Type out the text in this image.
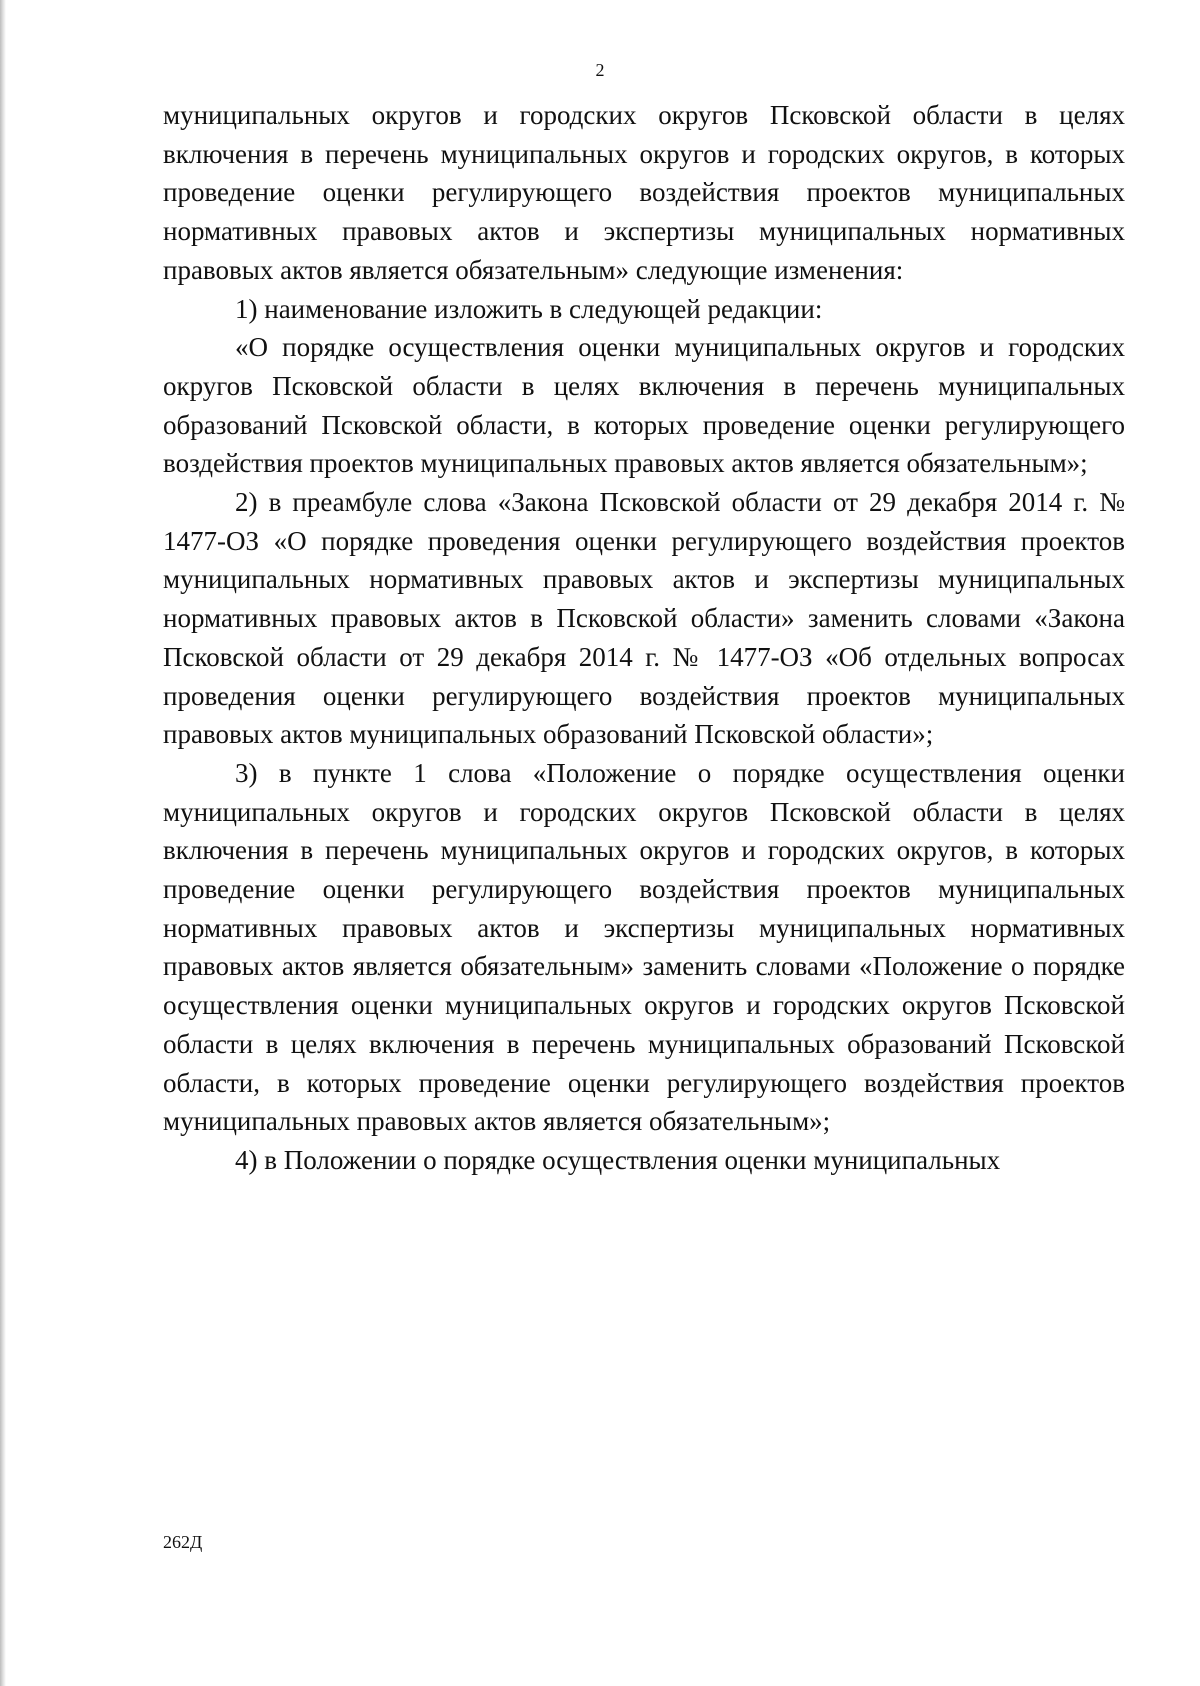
2

муниципальных округов и городских округов Псковской области в целях включения в перечень муниципальных округов и городских округов, в которых проведение оценки регулирующего воздействия проектов муниципальных нормативных правовых актов и экспертизы муниципальных нормативных правовых актов является обязательным» следующие изменения:

1) наименование изложить в следующей редакции:

«О порядке осуществления оценки муниципальных округов и городских округов Псковской области в целях включения в перечень муниципальных образований Псковской области, в которых проведение оценки регулирующего воздействия проектов муниципальных правовых актов является обязательным»;

2) в преамбуле слова «Закона Псковской области от 29 декабря 2014 г. № 1477-ОЗ «О порядке проведения оценки регулирующего воздействия проектов муниципальных нормативных правовых актов и экспертизы муниципальных нормативных правовых актов в Псковской области» заменить словами «Закона Псковской области от 29 декабря 2014 г. № 1477-ОЗ «Об отдельных вопросах проведения оценки регулирующего воздействия проектов муниципальных правовых актов муниципальных образований Псковской области»;

3) в пункте 1 слова «Положение о порядке осуществления оценки муниципальных округов и городских округов Псковской области в целях включения в перечень муниципальных округов и городских округов, в которых проведение оценки регулирующего воздействия проектов муниципальных нормативных правовых актов и экспертизы муниципальных нормативных правовых актов является обязательным» заменить словами «Положение о порядке осуществления оценки муниципальных округов и городских округов Псковской области в целях включения в перечень муниципальных образований Псковской области, в которых проведение оценки регулирующего воздействия проектов муниципальных правовых актов является обязательным»;

4) в Положении о порядке осуществления оценки муниципальных

262Д
